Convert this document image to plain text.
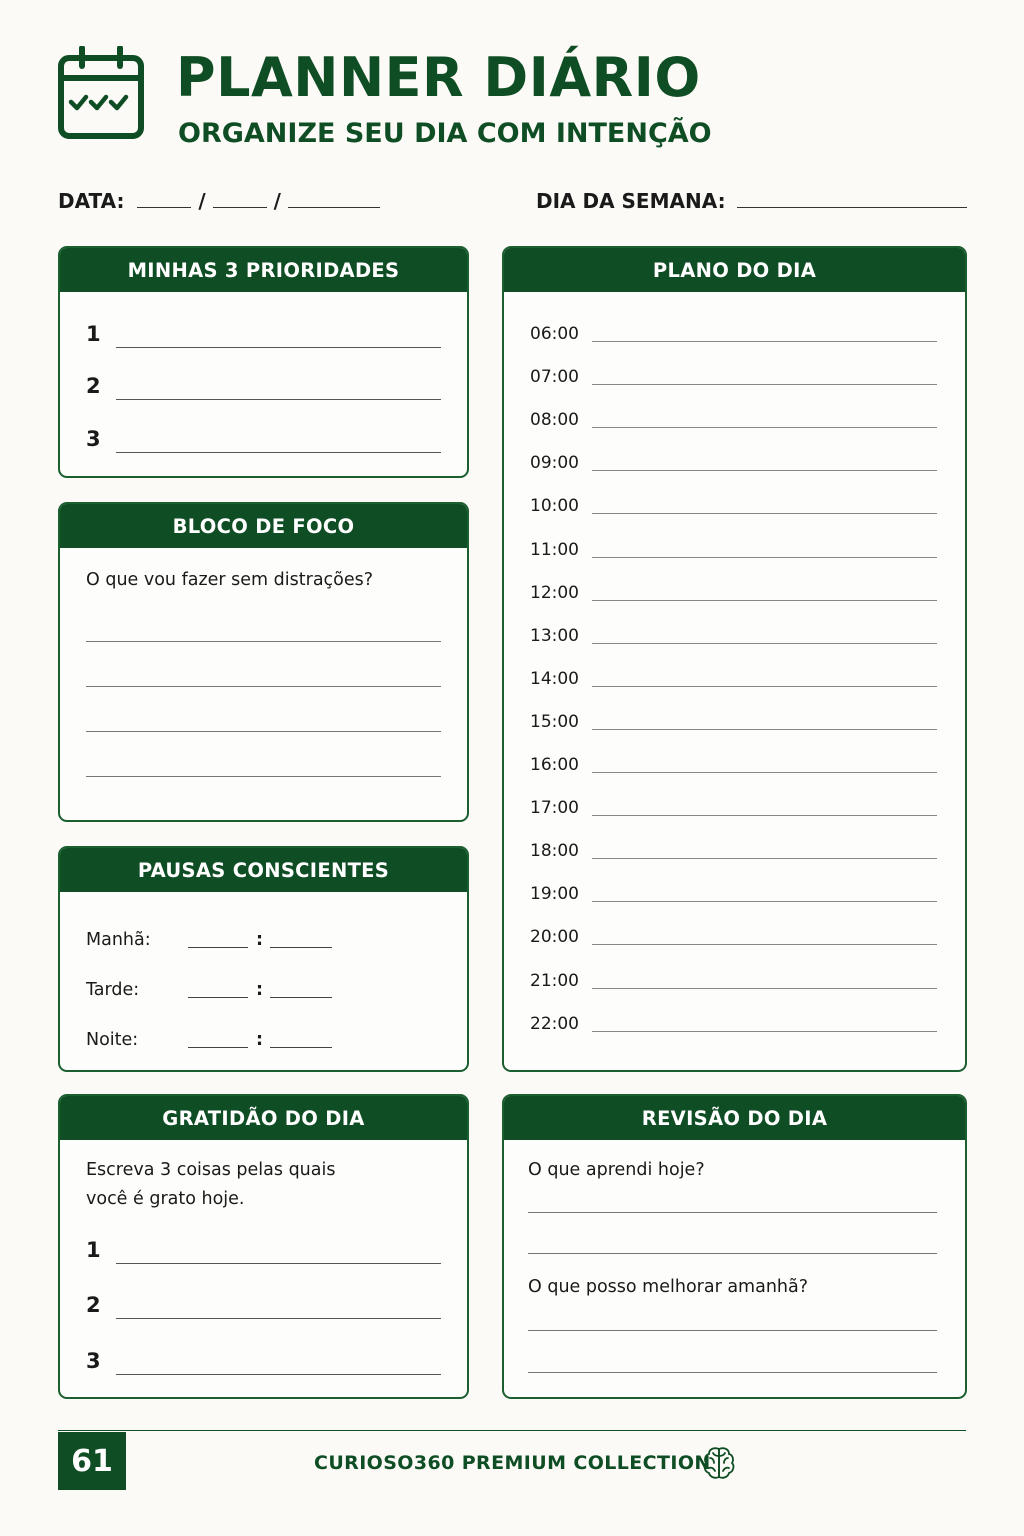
PLANNER DIÁRIO
ORGANIZE SEU DIA COM INTENÇÃO
DATA:	/	/	DIA DA SEMANA:
MINHAS 3 PRIORIDADES
1
2
3
BLOCO DE FOCO
O que vou fazer sem distrações?
PAUSAS CONSCIENTES
Manhã:	:
Tarde:	:
Noite:	:
GRATIDÃO DO DIA
Escreva 3 coisas pelas quais
você é grato hoje.
1
2
3
PLANO DO DIA
06:00
07:00
08:00
09:00
10:00
11:00
12:00
13:00
14:00
15:00
16:00
17:00
18:00
19:00
20:00
21:00
22:00
REVISÃO DO DIA
O que aprendi hoje?
O que posso melhorar amanhã?
61	CURIOSO360 PREMIUM COLLECTION
